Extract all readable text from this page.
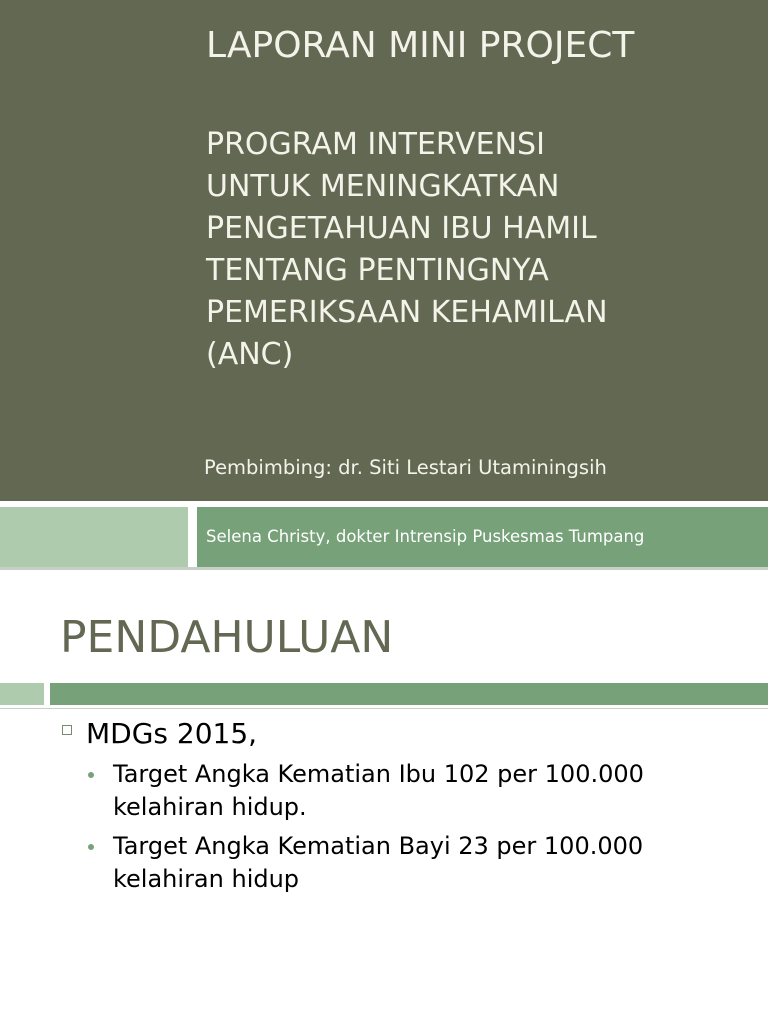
LAPORAN MINI PROJECT
PROGRAM INTERVENSI
UNTUK MENINGKATKAN
PENGETAHUAN IBU HAMIL
TENTANG PENTINGNYA
PEMERIKSAAN KEHAMILAN
(ANC)
Pembimbing: dr. Siti Lestari Utaminingsih
Selena Christy, dokter Intrensip Puskesmas Tumpang
PENDAHULUAN
MDGs 2015,
Target Angka Kematian Ibu 102 per 100.000
kelahiran hidup.
Target Angka Kematian Bayi 23 per 100.000
kelahiran hidup
